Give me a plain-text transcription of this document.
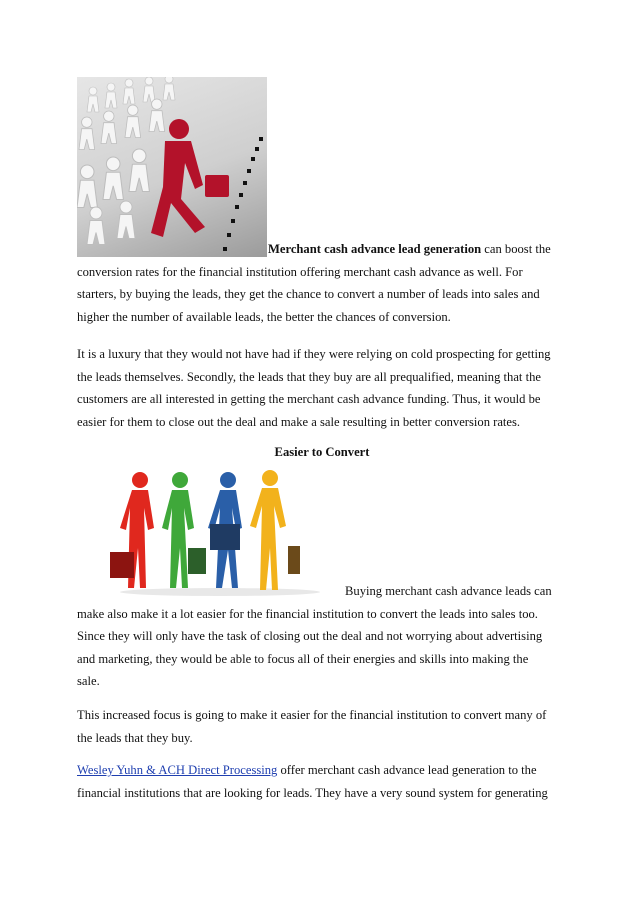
Merchant cash advance lead generation can boost the
conversion rates for the financial institution offering merchant cash advance as well. For
starters, by buying the leads, they get the chance to convert a number of leads into sales and
higher the number of available leads, the better the chances of conversion.
It is a luxury that they would not have had if they were relying on cold prospecting for getting
the leads themselves. Secondly, the leads that they buy are all prequalified, meaning that the
customers are all interested in getting the merchant cash advance funding. Thus, it would be
easier for them to close out the deal and make a sale resulting in better conversion rates.
Easier to Convert
Buying merchant cash advance leads can
make also make it a lot easier for the financial institution to convert the leads into sales too.
Since they will only have the task of closing out the deal and not worrying about advertising
and marketing, they would be able to focus all of their energies and skills into making the
sale.
This increased focus is going to make it easier for the financial institution to convert many of
the leads that they buy.
Wesley Yuhn & ACH Direct Processing offer merchant cash advance lead generation to the
financial institutions that are looking for leads. They have a very sound system for generating
